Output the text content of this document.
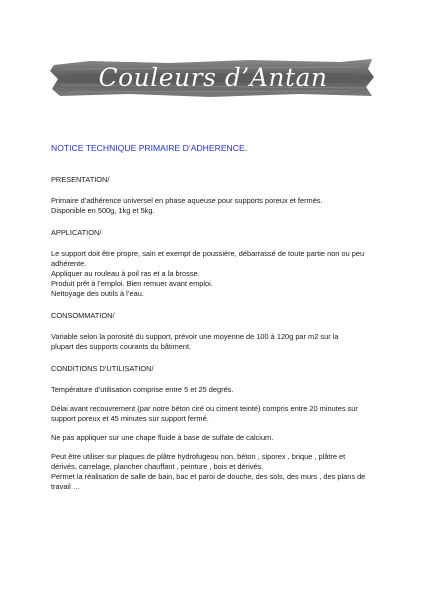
Couleurs d’Antan
NOTICE TECHNIQUE PRIMAIRE D’ADHERENCE.
PRESENTATION/
Primaire d’adhérence universel en phase aqueuse pour supports poreux et fermés.
Disponible en 500g, 1kg et 5kg.
APPLICATION/
Le support doit être propre, sain et exempt de poussière, débarrassé de toute partie non ou peu
adhérente.
Appliquer au rouleau à poil ras et a la brosse.
Produit prêt à l’emploi. Bien remuer avant emploi.
Nettoyage des outils à l’eau.
CONSOMMATION/
Variable selon la porosité du support, prévoir une moyenne de 100 à 120g par m2 sur la
plupart des supports courants du bâtiment.
CONDITIONS D’UTILISATION/
Température d’utilisation comprise entre 5 et 25 degrés.
Délai avant recouvrement (par notre béton ciré ou ciment teinté) compris entre 20 minutes sur
support poreux et 45 minutes sur support fermé.
Ne pas appliquer sur une chape fluide à base de sulfate de calcium.
Peut être utiliser sur plaques de plâtre hydrofugeou non, béton , siporex , brique , plâtre et
dérivés, carrelage, plancher chauffant , peinture , bois et dérivés.
Permet la réalisation de salle de bain, bac et paroi de douche, des sols, des murs , des plans de
travail …
